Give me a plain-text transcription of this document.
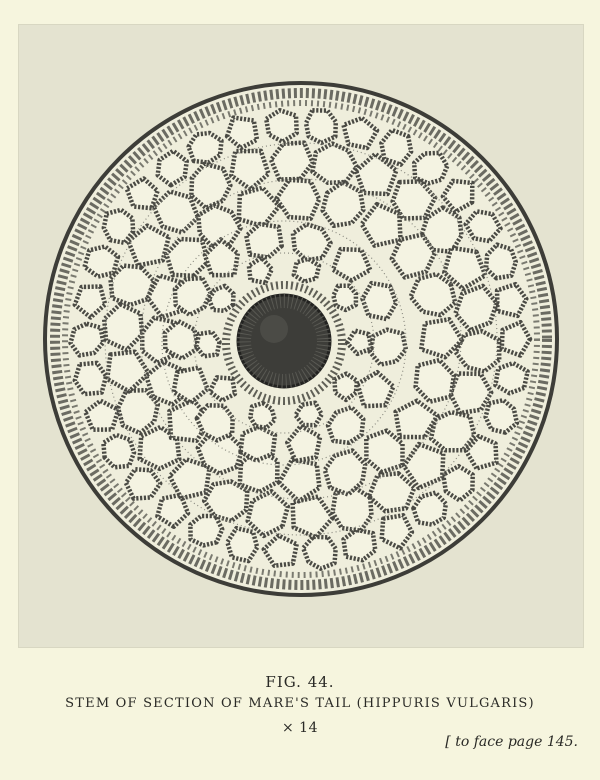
FIG. 44.
STEM OF SECTION OF MARE'S TAIL (HIPPURIS VULGARIS)
× 14
[ to face page 145.
